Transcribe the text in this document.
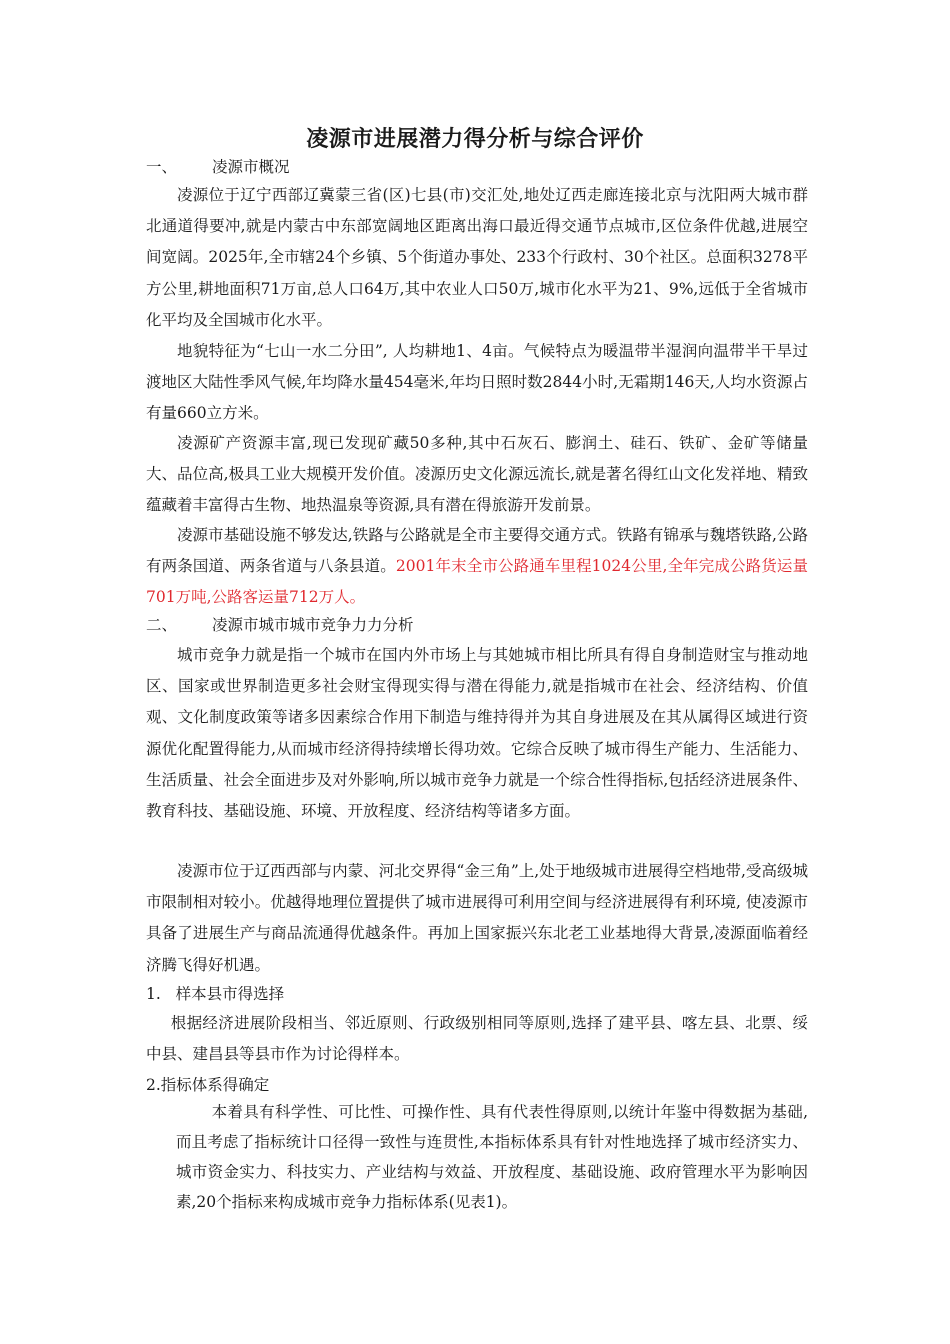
凌源市进展潜力得分析与综合评价
一、 凌源市概况
凌源位于辽宁西部辽冀蒙三省(区)七县(市)交汇处,地处辽西走廊连接北京与沈阳两大城市群北通道得要冲,就是内蒙古中东部宽阔地区距离出海口最近得交通节点城市,区位条件优越,进展空间宽阔。2025年,全市辖24个乡镇、5个街道办事处、233个行政村、30个社区。总面积3278平方公里,耕地面积71万亩,总人口64万,其中农业人口50万,城市化水平为21、9%,远低于全省城市化平均及全国城市化水平。
地貌特征为“七山一水二分田”, 人均耕地1、4亩。气候特点为暖温带半湿润向温带半干旱过渡地区大陆性季风气候,年均降水量454毫米,年均日照时数2844小时,无霜期146天,人均水资源占有量660立方米。
凌源矿产资源丰富,现已发现矿藏50多种,其中石灰石、膨润土、硅石、铁矿、金矿等储量大、品位高,极具工业大规模开发价值。凌源历史文化源远流长,就是著名得红山文化发祥地、精致蕴藏着丰富得古生物、地热温泉等资源,具有潜在得旅游开发前景。
凌源市基础设施不够发达,铁路与公路就是全市主要得交通方式。铁路有锦承与魏塔铁路,公路有两条国道、两条省道与八条县道。2001年末全市公路通车里程1024公里,全年完成公路货运量701万吨,公路客运量712万人。
二、 凌源市城市城市竞争力力分析
城市竞争力就是指一个城市在国内外市场上与其她城市相比所具有得自身制造财宝与推动地区、国家或世界制造更多社会财宝得现实得与潜在得能力,就是指城市在社会、经济结构、价值观、文化制度政策等诸多因素综合作用下制造与维持得并为其自身进展及在其从属得区域进行资源优化配置得能力,从而城市经济得持续增长得功效。它综合反映了城市得生产能力、生活能力、生活质量、社会全面进步及对外影响,所以城市竞争力就是一个综合性得指标,包括经济进展条件、教育科技、基础设施、环境、开放程度、经济结构等诸多方面。
凌源市位于辽西西部与内蒙、河北交界得“金三角”上,处于地级城市进展得空档地带,受高级城市限制相对较小。优越得地理位置提供了城市进展得可利用空间与经济进展得有利环境, 使凌源市具备了进展生产与商品流通得优越条件。再加上国家振兴东北老工业基地得大背景,凌源面临着经济腾飞得好机遇。
1.   样本县市得选择
根据经济进展阶段相当、邻近原则、行政级别相同等原则,选择了建平县、喀左县、北票、绥中县、建昌县等县市作为讨论得样本。
2.指标体系得确定
本着具有科学性、可比性、可操作性、具有代表性得原则,以统计年鉴中得数据为基础,而且考虑了指标统计口径得一致性与连贯性,本指标体系具有针对性地选择了城市经济实力、城市资金实力、科技实力、产业结构与效益、开放程度、基础设施、政府管理水平为影响因素,20个指标来构成城市竞争力指标体系(见表1)。
